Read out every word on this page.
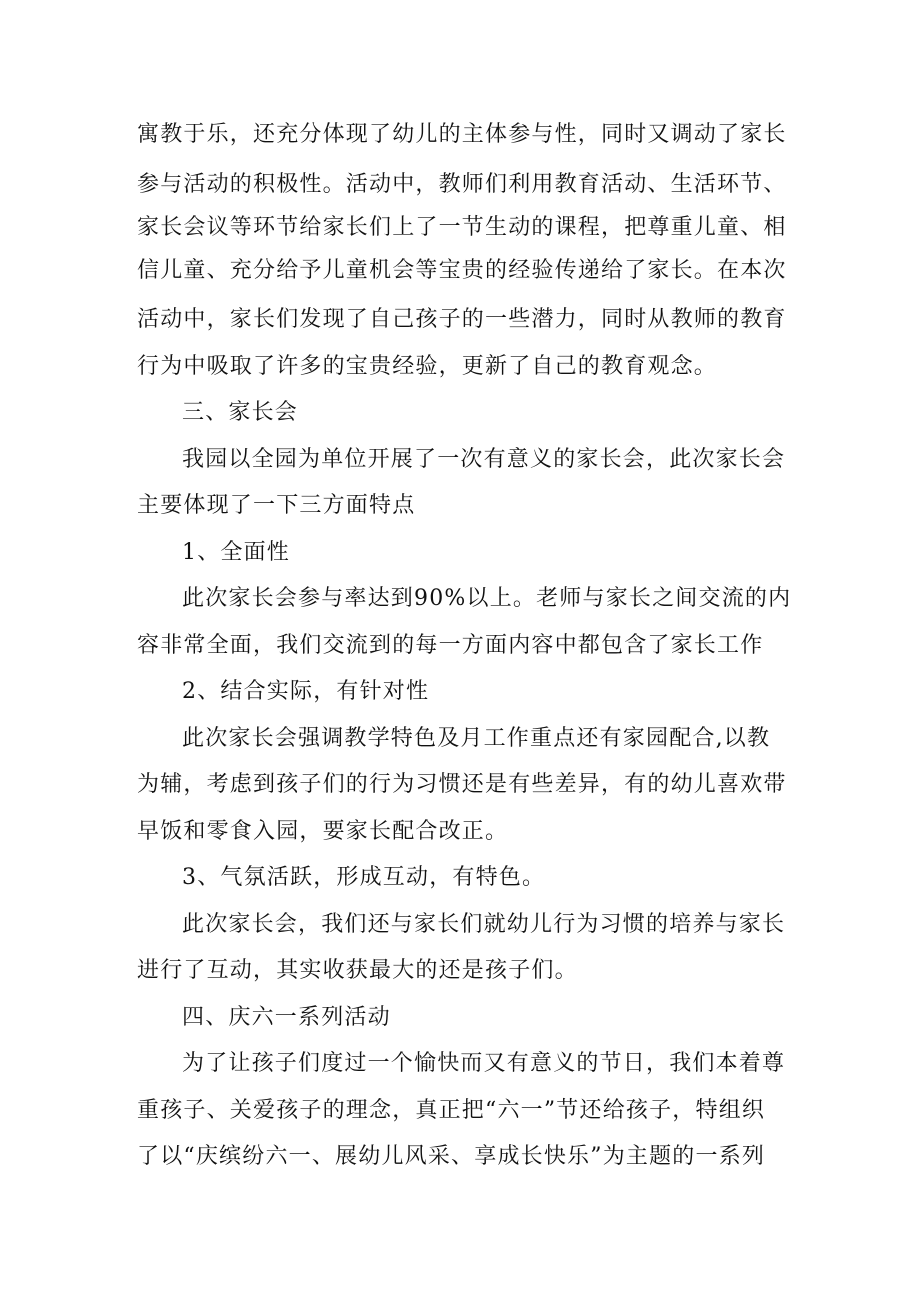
寓教于乐，还充分体现了幼儿的主体参与性，同时又调动了家长
参与活动的积极性。活动中，教师们利用教育活动、生活环节、
家长会议等环节给家长们上了一节生动的课程，把尊重儿童、相
信儿童、充分给予儿童机会等宝贵的经验传递给了家长。在本次
活动中，家长们发现了自己孩子的一些潜力，同时从教师的教育
行为中吸取了许多的宝贵经验，更新了自己的教育观念。
三、家长会
我园以全园为单位开展了一次有意义的家长会，此次家长会
主要体现了一下三方面特点
1、全面性
此次家长会参与率达到90%以上。老师与家长之间交流的内
容非常全面，我们交流到的每一方面内容中都包含了家长工作
2、结合实际，有针对性
此次家长会强调教学特色及月工作重点还有家园配合,以教
为辅，考虑到孩子们的行为习惯还是有些差异，有的幼儿喜欢带
早饭和零食入园，要家长配合改正。
3、气氛活跃，形成互动，有特色。
此次家长会，我们还与家长们就幼儿行为习惯的培养与家长
进行了互动，其实收获最大的还是孩子们。
四、庆六一系列活动
为了让孩子们度过一个愉快而又有意义的节日，我们本着尊
重孩子、关爱孩子的理念，真正把“六一”节还给孩子，特组织
了以“庆缤纷六一、展幼儿风采、享成长快乐”为主题的一系列
